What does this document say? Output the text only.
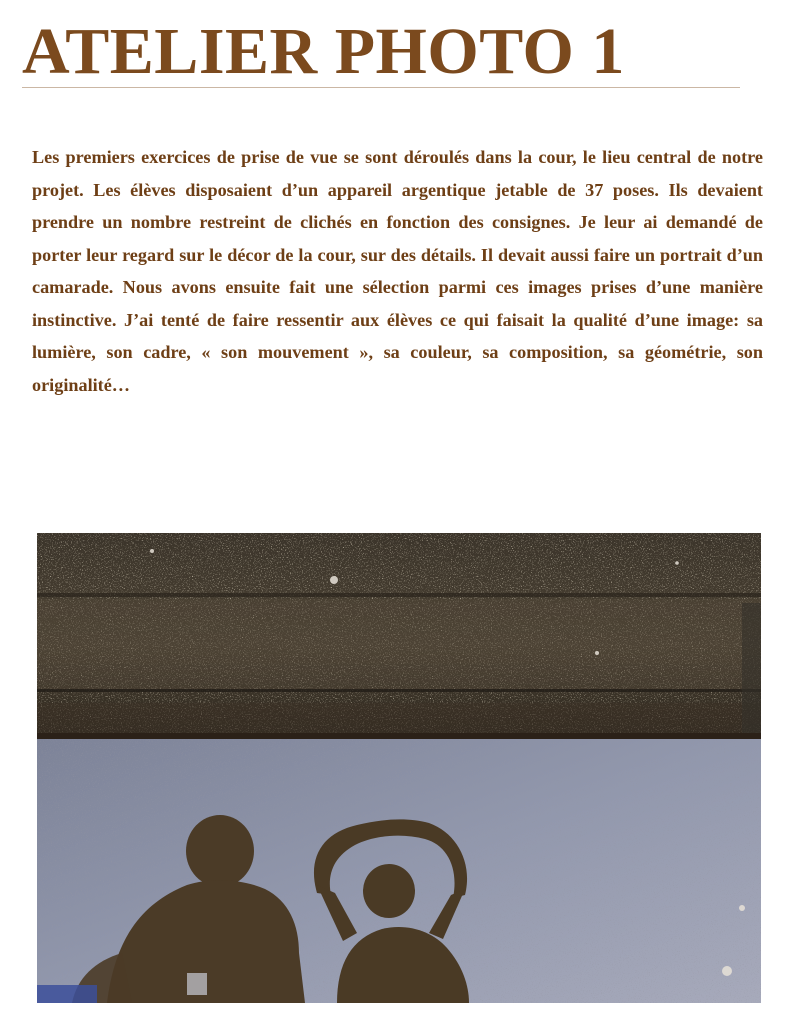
ATELIER PHOTO 1

Les premiers exercices de prise de vue se sont déroulés dans la cour, le lieu central de notre projet. Les élèves disposaient d’un appareil argentique jetable de 37 poses. Ils devaient prendre un nombre restreint de clichés en fonction des consignes. Je leur ai demandé de porter leur regard sur le décor de la cour, sur des détails. Il devait aussi faire un portrait d’un camarade. Nous avons ensuite fait une sélection parmi ces images prises d’une manière instinctive. J’ai tenté de faire ressentir aux élèves ce qui faisait la qualité d’une image: sa lumière, son cadre, « son mouvement », sa couleur, sa composition, sa géométrie, son originalité…
